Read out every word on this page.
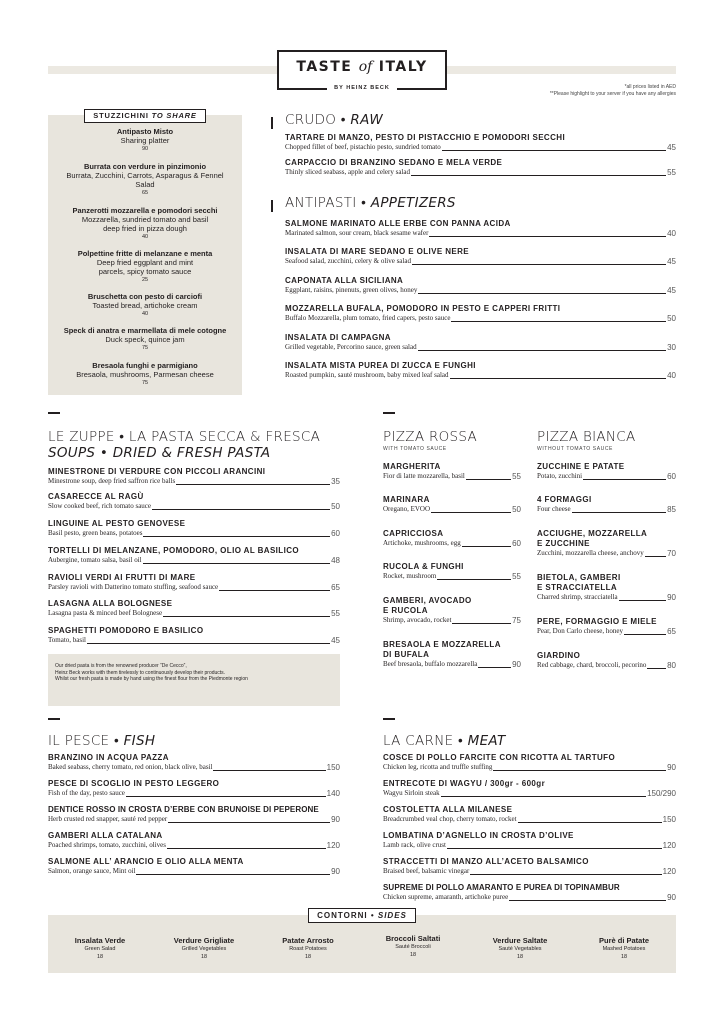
TASTE of ITALY
BY HEINZ BECK	*all prices listed in AED
**Please highlight to your server if you have any allergies
STUZZICHINI TO SHARE
Antipasto Misto
Sharing platter
90
Burrata con verdure in pinzimonio
Burrata, Zucchini, Carrots, Asparagus & Fennel Salad
65
Panzerotti mozzarella e pomodori secchi
Mozzarella, sundried tomato and basil deep fried in pizza dough
40
Polpettine fritte di melanzane e menta
Deep fried eggplant and mint parcels, spicy tomato sauce
25
Bruschetta con pesto di carciofi
Toasted bread, artichoke cream
40
Speck di anatra e marmellata di mele cotogne
Duck speck, quince jam
75
Bresaola funghi e parmigiano
Bresaola, mushrooms, Parmesan cheese
75
CRUDO • RAW
TARTARE DI MANZO, PESTO DI PISTACCHIO E POMODORI SECCHI
Chopped fillet of beef, pistachio pesto, sundried tomato	45
CARPACCIO DI BRANZINO SEDANO E MELA VERDE
Thinly sliced seabass, apple and celery salad	55
ANTIPASTI • APPETIZERS
SALMONE MARINATO ALLE ERBE CON PANNA ACIDA
Marinated salmon, sour cream, black sesame wafer	40
INSALATA DI MARE SEDANO E OLIVE NERE
Seafood salad, zucchini, celery & olive salad	45
CAPONATA ALLA SICILIANA
Eggplant, raisins, pinenuts, green olives, honey	45
MOZZARELLA BUFALA, POMODORO IN PESTO E CAPPERI FRITTI
Buffalo Mozzarella, plum tomato, fried capers, pesto sauce	50
INSALATA DI CAMPAGNA
Grilled vegetable, Percorino sauce, green salad	30
INSALATA MISTA PUREA DI ZUCCA E FUNGHI
Roasted pumpkin, sauté mushroom, baby mixed leaf salad	40
LE ZUPPE • LA PASTA SECCA & FRESCA
SOUPS • DRIED & FRESH PASTA
MINESTRONE DI VERDURE CON PICCOLI ARANCINI
Minestrone soup, deep fried saffron rice balls	35
CASARECCE AL RAGÙ
Slow cooked beef, rich tomato sauce	50
LINGUINE AL PESTO GENOVESE
Basil pesto, green beans, potatoes	60
TORTELLI DI MELANZANE, POMODORO, OLIO AL BASILICO
Aubergine, tomato salsa, basil oil	48
RAVIOLI VERDI AI FRUTTI DI MARE
Parsley ravioli with Datterino tomato stuffing, seafood sauce	65
LASAGNA ALLA BOLOGNESE
Lasagna pasta & minced beef Bolognese	55
SPAGHETTI POMODORO E BASILICO
Tomato, basil	45
Our dried pasta is from the renowned producer “De Cecco”,
Heinz Beck works with them tirelessly to continuously develop their products.
Whilst our fresh pasta is made by hand using the finest flour from the Piedmonte region
PIZZA ROSSA
WITH TOMATO SAUCE
MARGHERITA
Fior di latte mozzarella, basil	55
MARINARA
Oregano, EVOO	50
CAPRICCIOSA
Artichoke, mushrooms, egg	60
RUCOLA & FUNGHI
Rocket, mushroom	55
GAMBERI, AVOCADO
E RUCOLA
Shrimp, avocado, rocket	75
BRESAOLA E MOZZARELLA
DI BUFALA
Beef bresaola, buffalo mozzarella	90
PIZZA BIANCA
WITHOUT TOMATO SAUCE
ZUCCHINE E PATATE
Potato, zucchini	60
4 FORMAGGI
Four cheese	85
ACCIUGHE, MOZZARELLA
E ZUCCHINE
Zucchini, mozzarella cheese, anchovy	70
BIETOLA, GAMBERI
E STRACCIATELLA
Charred shrimp, stracciatella	90
PERE, FORMAGGIO E MIELE
Pear, Don Carlo cheese, honey	65
GIARDINO
Red cabbage, chard, broccoli, pecorino	80
IL PESCE • FISH
BRANZINO IN ACQUA PAZZA
Baked seabass, cherry tomato, red onion, black olive, basil	150
PESCE DI SCOGLIO IN PESTO LEGGERO
Fish of the day, pesto sauce	140
DENTICE ROSSO IN CROSTA D’ERBE CON BRUNOISE DI PEPERONE
Herb crusted red snapper, sauté red pepper	90
GAMBERI ALLA CATALANA
Poached shrimps, tomato, zucchini, olives	120
SALMONE ALL’ ARANCIO E OLIO ALLA MENTA
Salmon, orange sauce, Mint oil	90
LA CARNE • MEAT
COSCE DI POLLO FARCITE CON RICOTTA AL TARTUFO
Chicken leg, ricotta and truffle stuffing	90
ENTRECOTE DI WAGYU / 300gr - 600gr
Wagyu Sirloin steak	150/290
COSTOLETTA ALLA MILANESE
Breadcrumbed veal chop, cherry tomato, rocket	150
LOMBATINA D’AGNELLO IN CROSTA D’OLIVE
Lamb rack, olive crust	120
STRACCETTI DI MANZO ALL’ACETO BALSAMICO
Braised beef, balsamic vinegar	120
SUPREME DI POLLO AMARANTO E PUREA DI TOPINAMBUR
Chicken supreme, amaranth, artichoke puree	90
CONTORNI • SIDES
Insalata Verde
Green Salad
18
Verdure Grigliate
Grilled Vegetables
18
Patate Arrosto
Roast Potatoes
18
Broccoli Saltati
Sauté Broccoli
18
Verdure Saltate
Sauté Vegetables
18
Purè di Patate
Mashed Potatoes
18
